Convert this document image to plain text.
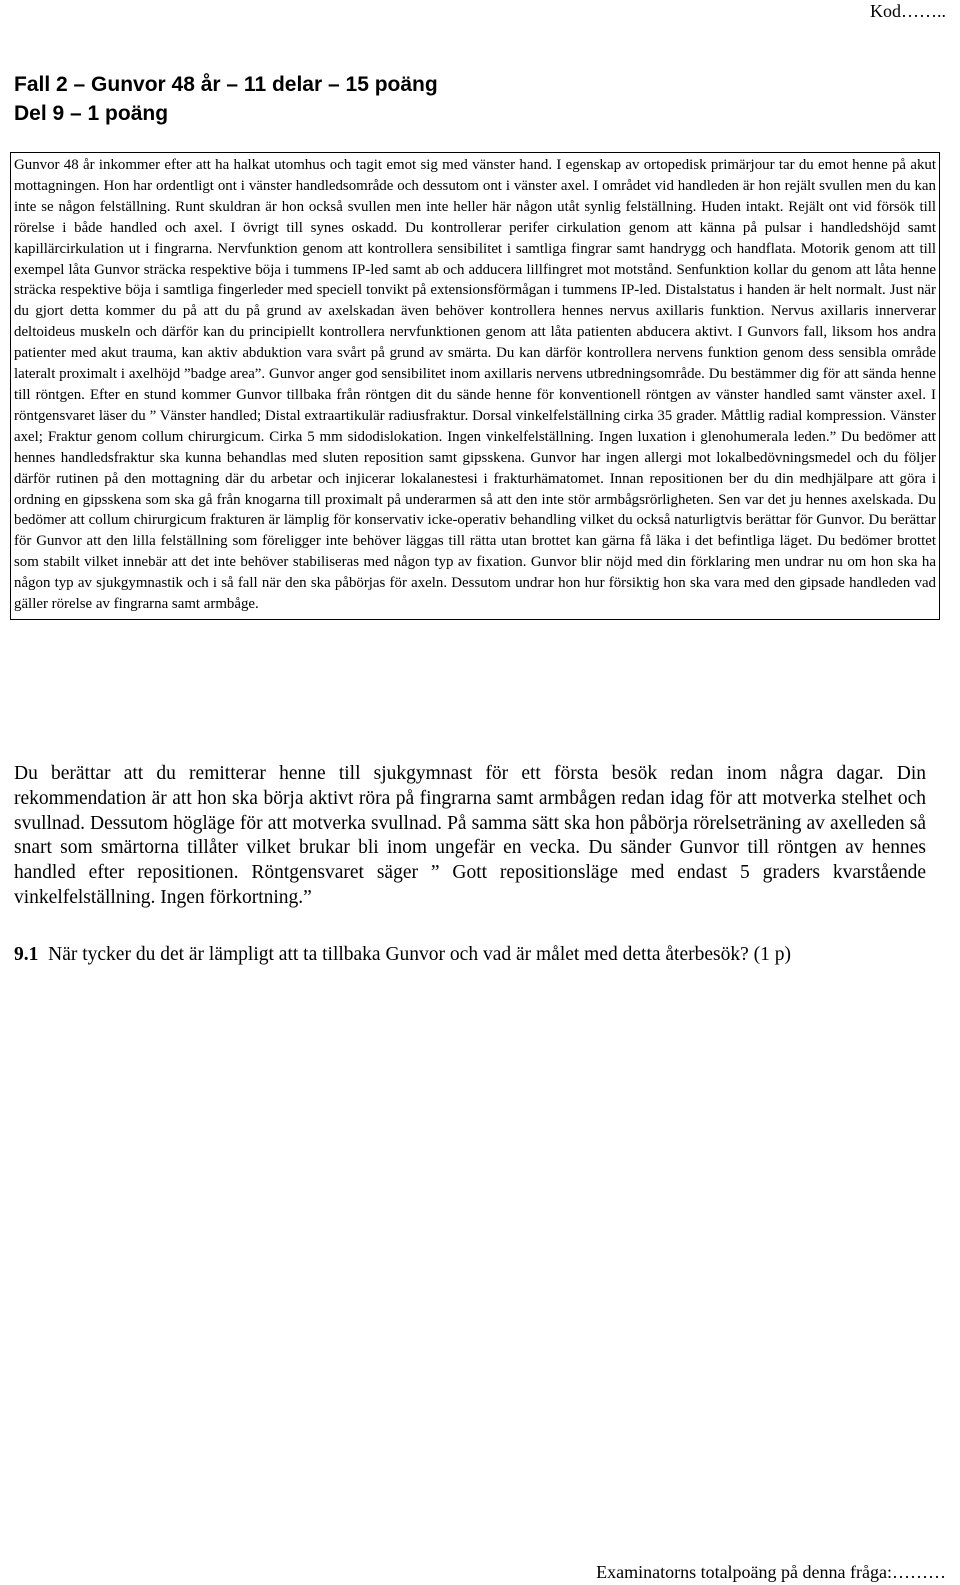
Kod……..
Fall 2 – Gunvor 48 år – 11 delar – 15 poäng
Del 9 – 1 poäng

Gunvor 48 år inkommer efter att ha halkat utomhus och tagit emot sig med vänster hand. I egenskap av ortopedisk primärjour tar du emot henne på akut mottagningen. Hon har ordentligt ont i vänster handledsområde och dessutom ont i vänster axel. I området vid handleden är hon rejält svullen men du kan inte se någon felställning. Runt skuldran är hon också svullen men inte heller här någon utåt synlig felställning. Huden intakt. Rejält ont vid försök till rörelse i både handled och axel. I övrigt till synes oskadd. Du kontrollerar perifer cirkulation genom att känna på pulsar i handledshöjd samt kapillärcirkulation ut i fingrarna. Nervfunktion genom att kontrollera sensibilitet i samtliga fingrar samt handrygg och handflata. Motorik genom att till exempel låta Gunvor sträcka respektive böja i tummens IP-led samt ab och adducera lillfingret mot motstånd. Senfunktion kollar du genom att låta henne sträcka respektive böja i samtliga fingerleder med speciell tonvikt på extensionsförmågan i tummens IP-led. Distalstatus i handen är helt normalt. Just när du gjort detta kommer du på att du på grund av axelskadan även behöver kontrollera hennes nervus axillaris funktion. Nervus axillaris innerverar deltoideus muskeln och därför kan du principiellt kontrollera nervfunktionen genom att låta patienten abducera aktivt. I Gunvors fall, liksom hos andra patienter med akut trauma, kan aktiv abduktion vara svårt på grund av smärta. Du kan därför kontrollera nervens funktion genom dess sensibla område lateralt proximalt i axelhöjd ”badge area”. Gunvor anger god sensibilitet inom axillaris nervens utbredningsområde. Du bestämmer dig för att sända henne till röntgen. Efter en stund kommer Gunvor tillbaka från röntgen dit du sände henne för konventionell röntgen av vänster handled samt vänster axel. I röntgensvaret läser du ” Vänster handled; Distal extraartikulär radiusfraktur. Dorsal vinkelfelställning cirka 35 grader. Måttlig radial kompression. Vänster axel; Fraktur genom collum chirurgicum. Cirka 5 mm sidodislokation. Ingen vinkelfelställning. Ingen luxation i glenohumerala leden.” Du bedömer att hennes handledsfraktur ska kunna behandlas med sluten reposition samt gipsskena. Gunvor har ingen allergi mot lokalbedövningsmedel och du följer därför rutinen på den mottagning där du arbetar och injicerar lokalanestesi i frakturhämatomet. Innan repositionen ber du din medhjälpare att göra i ordning en gipsskena som ska gå från knogarna till proximalt på underarmen så att den inte stör armbågsrörligheten. Sen var det ju hennes axelskada. Du bedömer att collum chirurgicum frakturen är lämplig för konservativ icke-operativ behandling vilket du också naturligtvis berättar för Gunvor. Du berättar för Gunvor att den lilla felställning som föreligger inte behöver läggas till rätta utan brottet kan gärna få läka i det befintliga läget. Du bedömer brottet som stabilt vilket innebär att det inte behöver stabiliseras med någon typ av fixation. Gunvor blir nöjd med din förklaring men undrar nu om hon ska ha någon typ av sjukgymnastik och i så fall när den ska påbörjas för axeln. Dessutom undrar hon hur försiktig hon ska vara med den gipsade handleden vad gäller rörelse av fingrarna samt armbåge.

Du berättar att du remitterar henne till sjukgymnast för ett första besök redan inom några dagar. Din rekommendation är att hon ska börja aktivt röra på fingrarna samt armbågen redan idag för att motverka stelhet och svullnad. Dessutom högläge för att motverka svullnad. På samma sätt ska hon påbörja rörelseträning av axelleden så snart som smärtorna tillåter vilket brukar bli inom ungefär en vecka. Du sänder Gunvor till röntgen av hennes handled efter repositionen. Röntgensvaret säger ” Gott repositionsläge med endast 5 graders kvarstående vinkelfelställning. Ingen förkortning.”

9.1 När tycker du det är lämpligt att ta tillbaka Gunvor och vad är målet med detta återbesök? (1 p)

Examinatorns totalpoäng på denna fråga:………
